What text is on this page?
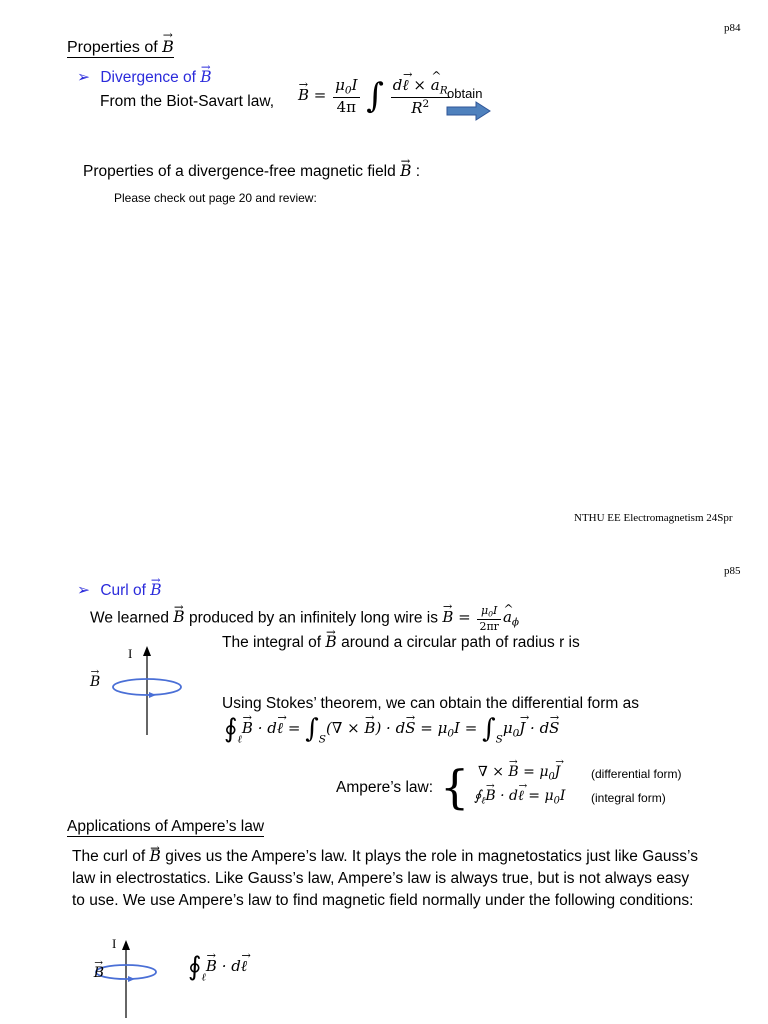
p84
Properties of → B
➢ Divergence of → B
From the Biot-Savart law, → $B = \frac{\mu_0I}{4\pi}$ ∫ $\frac{d\to \ell \times \^{} a_R}{R^2}$
obtain
Properties of a divergence-free magnetic field → B :
Please check out page 20 and review:
NTHU EE Electromagnetism 24Spr
p85
➢ Curl of → B
We learned → B produced by an infinitely long wire is → $B = \frac{\mu_0I}{2\pi r}$ ^ $a_\phi$
The integral of → B around a circular path of radius r is
I
→ B
Using Stokes’ theorem, we can obtain the differential form as
$∮_\ell\to B \cdot d\to$ ℓ = $\int_S(\nabla$ × → $B) \cdot d\to S = \mu_0I = \int_S\mu_0\to J \cdot d\to S$
Ampere’s law: { ∇ × → $B = \mu_0\to J$	(differential form)
$∮_\ell\to B \cdot d\to$ ℓ = $\mu_0I$ (integral form)
Applications of Ampere’s law
The curl of → B gives us the Ampere’s law. It plays the role in magnetostatics just like Gauss’s law in electrostatics. Like Gauss’s law, Ampere’s law is always true, but is not always easy to use. We use Ampere’s law to find magnetic field normally under the following conditions:
I
→ B	$∮_\ell\to B \cdot d\to$ ℓ
